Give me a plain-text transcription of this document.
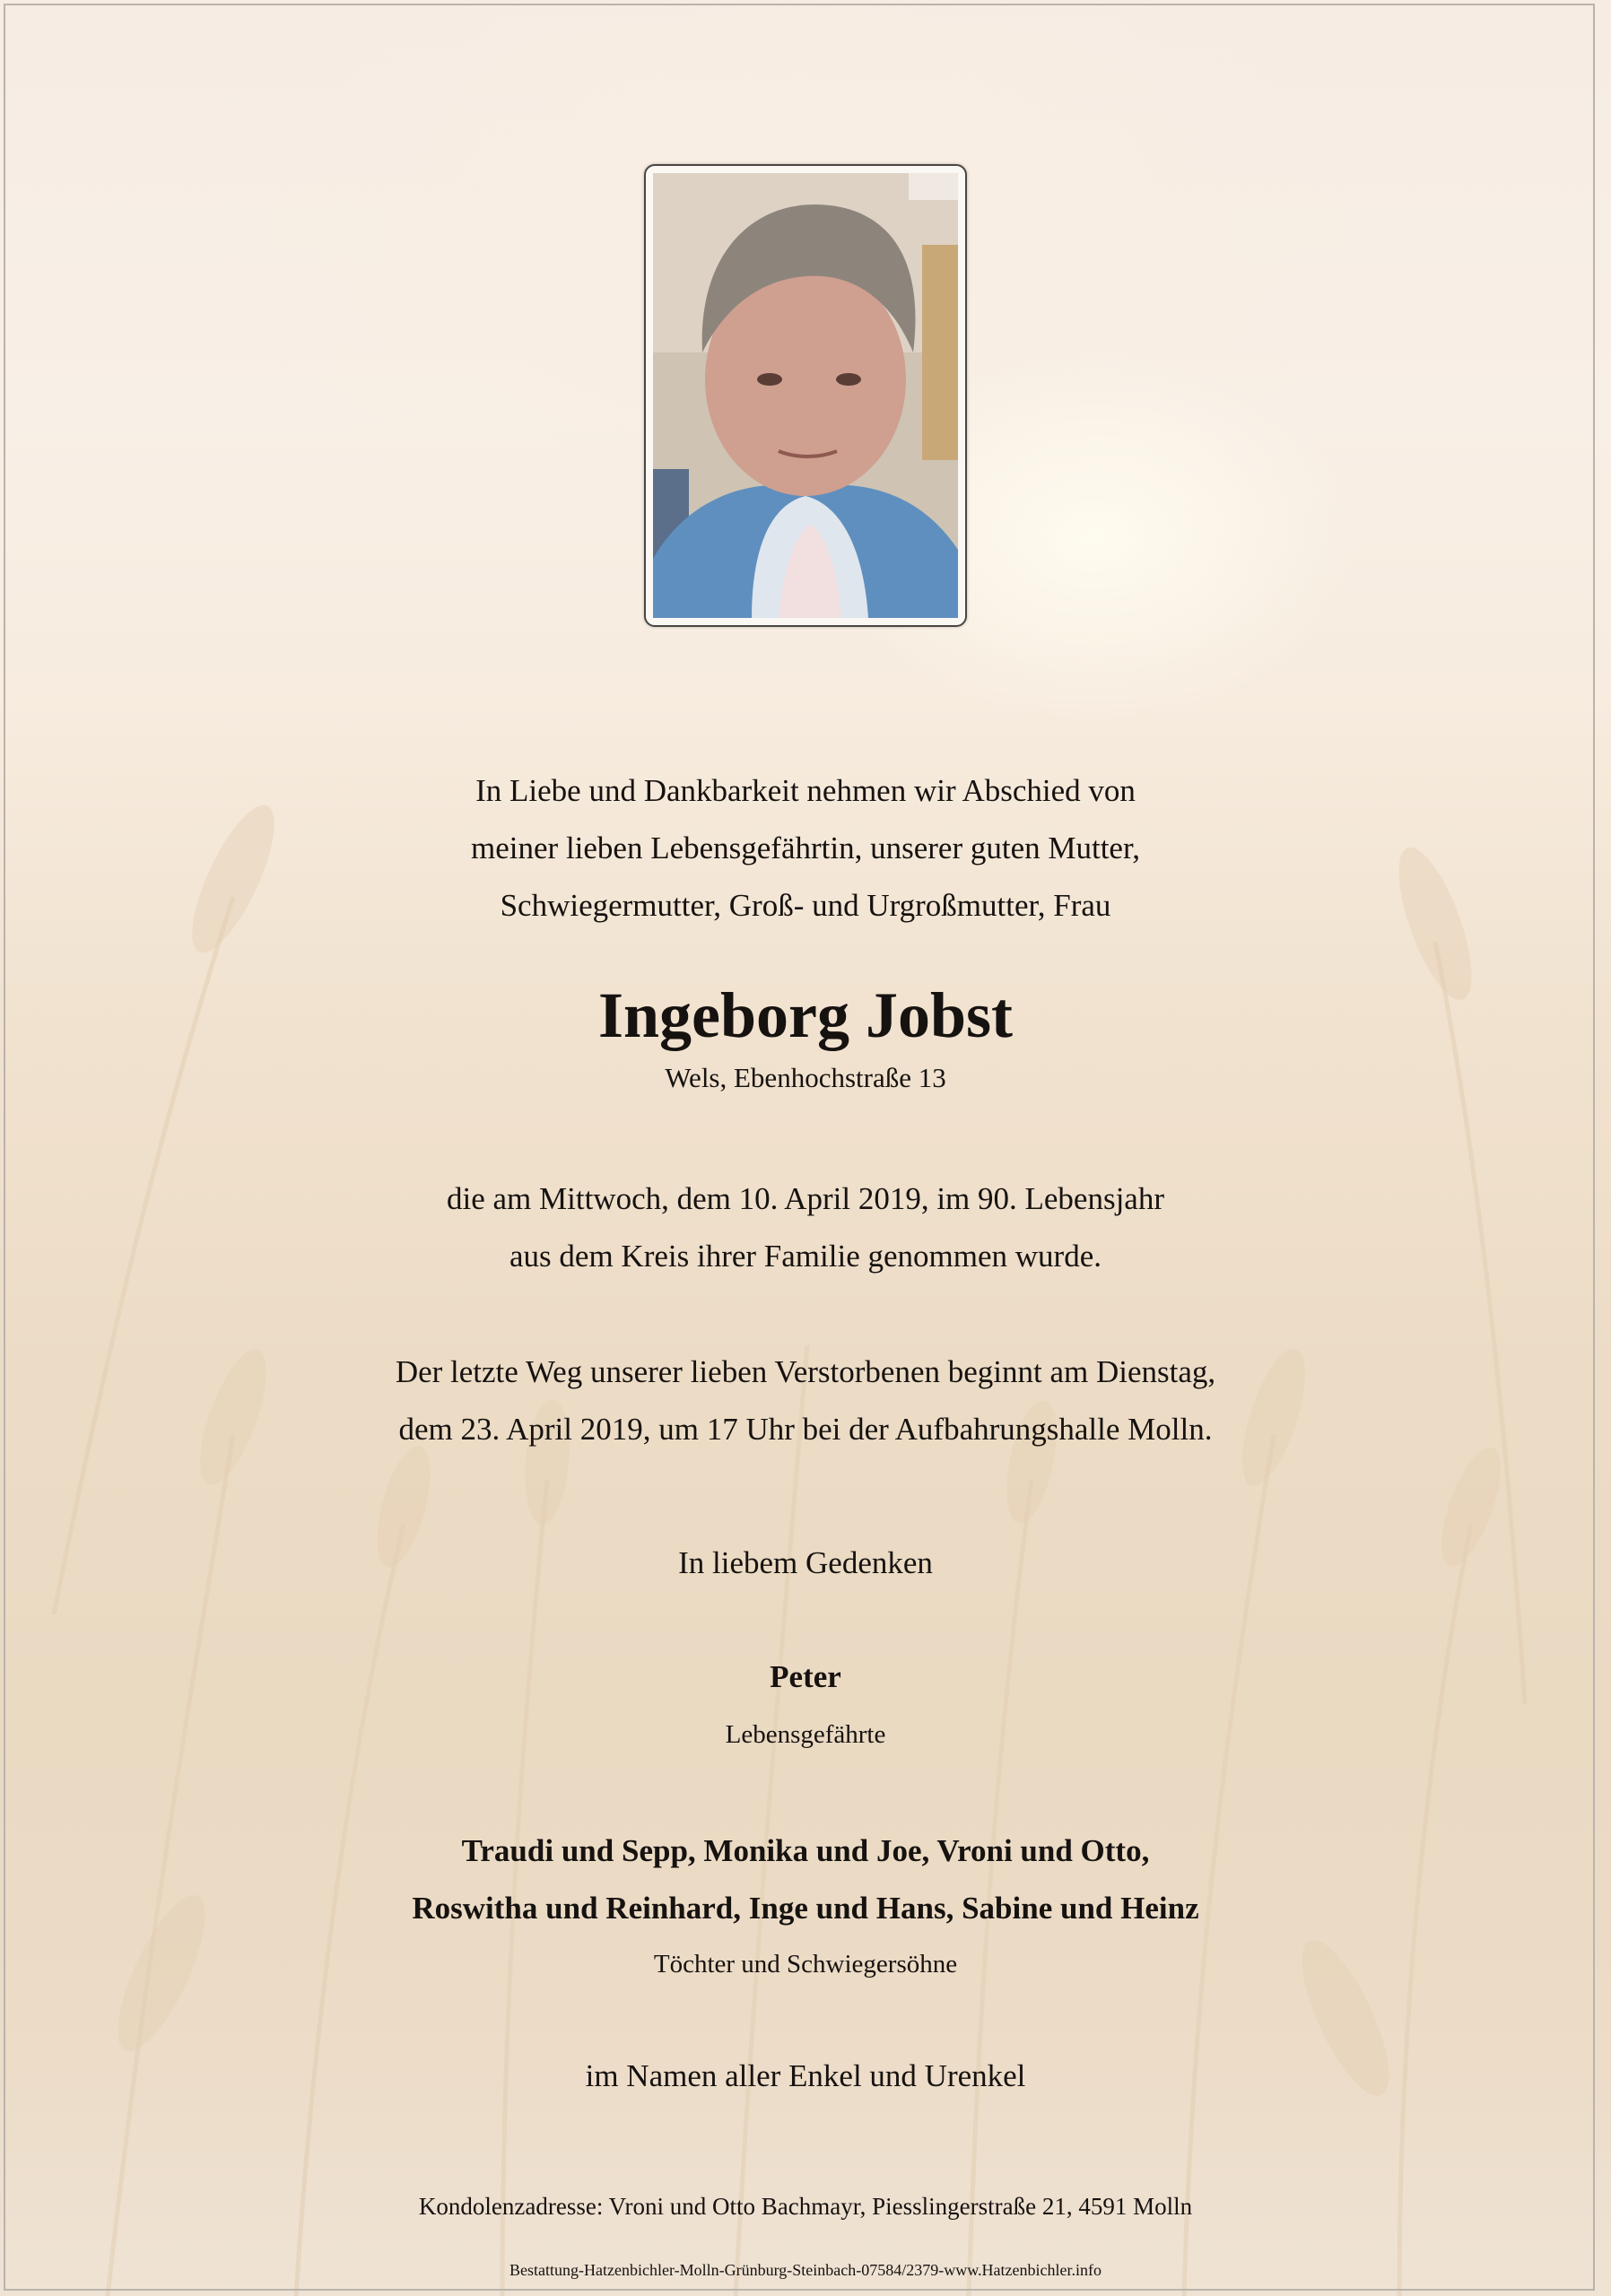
In Liebe und Dankbarkeit nehmen wir Abschied von
meiner lieben Lebensgefährtin, unserer guten Mutter,
Schwiegermutter, Groß- und Urgroßmutter, Frau
Ingeborg Jobst
Wels, Ebenhochstraße 13
die am Mittwoch, dem 10. April 2019, im 90. Lebensjahr
aus dem Kreis ihrer Familie genommen wurde.
Der letzte Weg unserer lieben Verstorbenen beginnt am Dienstag,
dem 23. April 2019, um 17 Uhr bei der Aufbahrungshalle Molln.
In liebem Gedenken
Peter
Lebensgefährte
Traudi und Sepp, Monika und Joe, Vroni und Otto,
Roswitha und Reinhard, Inge und Hans, Sabine und Heinz
Töchter und Schwiegersöhne
im Namen aller Enkel und Urenkel
Kondolenzadresse: Vroni und Otto Bachmayr, Piesslingerstraße 21, 4591 Molln
Bestattung-Hatzenbichler-Molln-Grünburg-Steinbach-07584/2379-www.Hatzenbichler.info
